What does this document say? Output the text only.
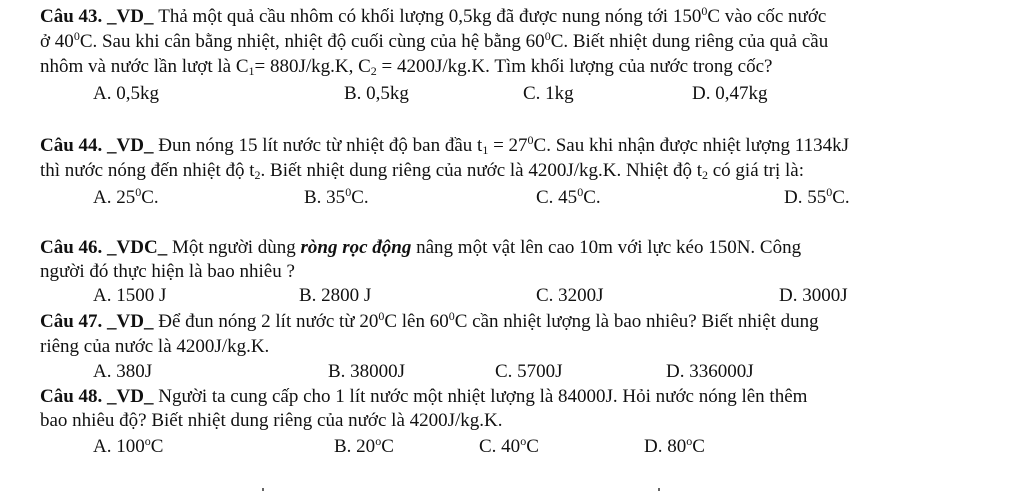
Câu 43. _VD_ Thả một quả cầu nhôm có khối lượng 0,5kg đã được nung nóng tới $150^0C$ vào cốc nước
ở $40^0C$. Sau khi cân bằng nhiệt, nhiệt độ cuối cùng của hệ bằng $60^0C$. Biết nhiệt dung riêng của quả cầu
nhôm và nước lần lượt là $C_1= 880J/kg.K$, $C_2 = 4200J/kg.K$. Tìm khối lượng của nước trong cốc?
A. 0,5kg	B. 0,5kg	C. 1kg	D. 0,47kg
Câu 44. _VD_ Đun nóng 15 lít nước từ nhiệt độ ban đầu $t_1 = 27^0C$. Sau khi nhận được nhiệt lượng 1134kJ
thì nước nóng đến nhiệt độ $t_2$. Biết nhiệt dung riêng của nước là 4200J/kg.K. Nhiệt độ $t_2$ có giá trị là:
A. $25^0C$.	B. $35^0C$.	C. $45^0C$.	D. $55^0C$.
Câu 46. _VDC_ Một người dùng ròng rọc động nâng một vật lên cao 10m với lực kéo 150N. Công
người đó thực hiện là bao nhiêu ?
A. 1500 J	B. 2800 J	C. 3200J	D. 3000J
Câu 47. _VD_ Để đun nóng 2 lít nước từ $20^0C$ lên $60^0C$ cần nhiệt lượng là bao nhiêu? Biết nhiệt dung
riêng của nước là 4200J/kg.K.
A. 380J	B. 38000J	C. 5700J	D. 336000J
Câu 48. _VD_ Người ta cung cấp cho 1 lít nước một nhiệt lượng là 84000J. Hỏi nước nóng lên thêm
bao nhiêu độ? Biết nhiệt dung riêng của nước là 4200J/kg.K.
A. 100$^o$C	B. 20$^o$C	C. 40$^o$C	D. 80$^o$C
